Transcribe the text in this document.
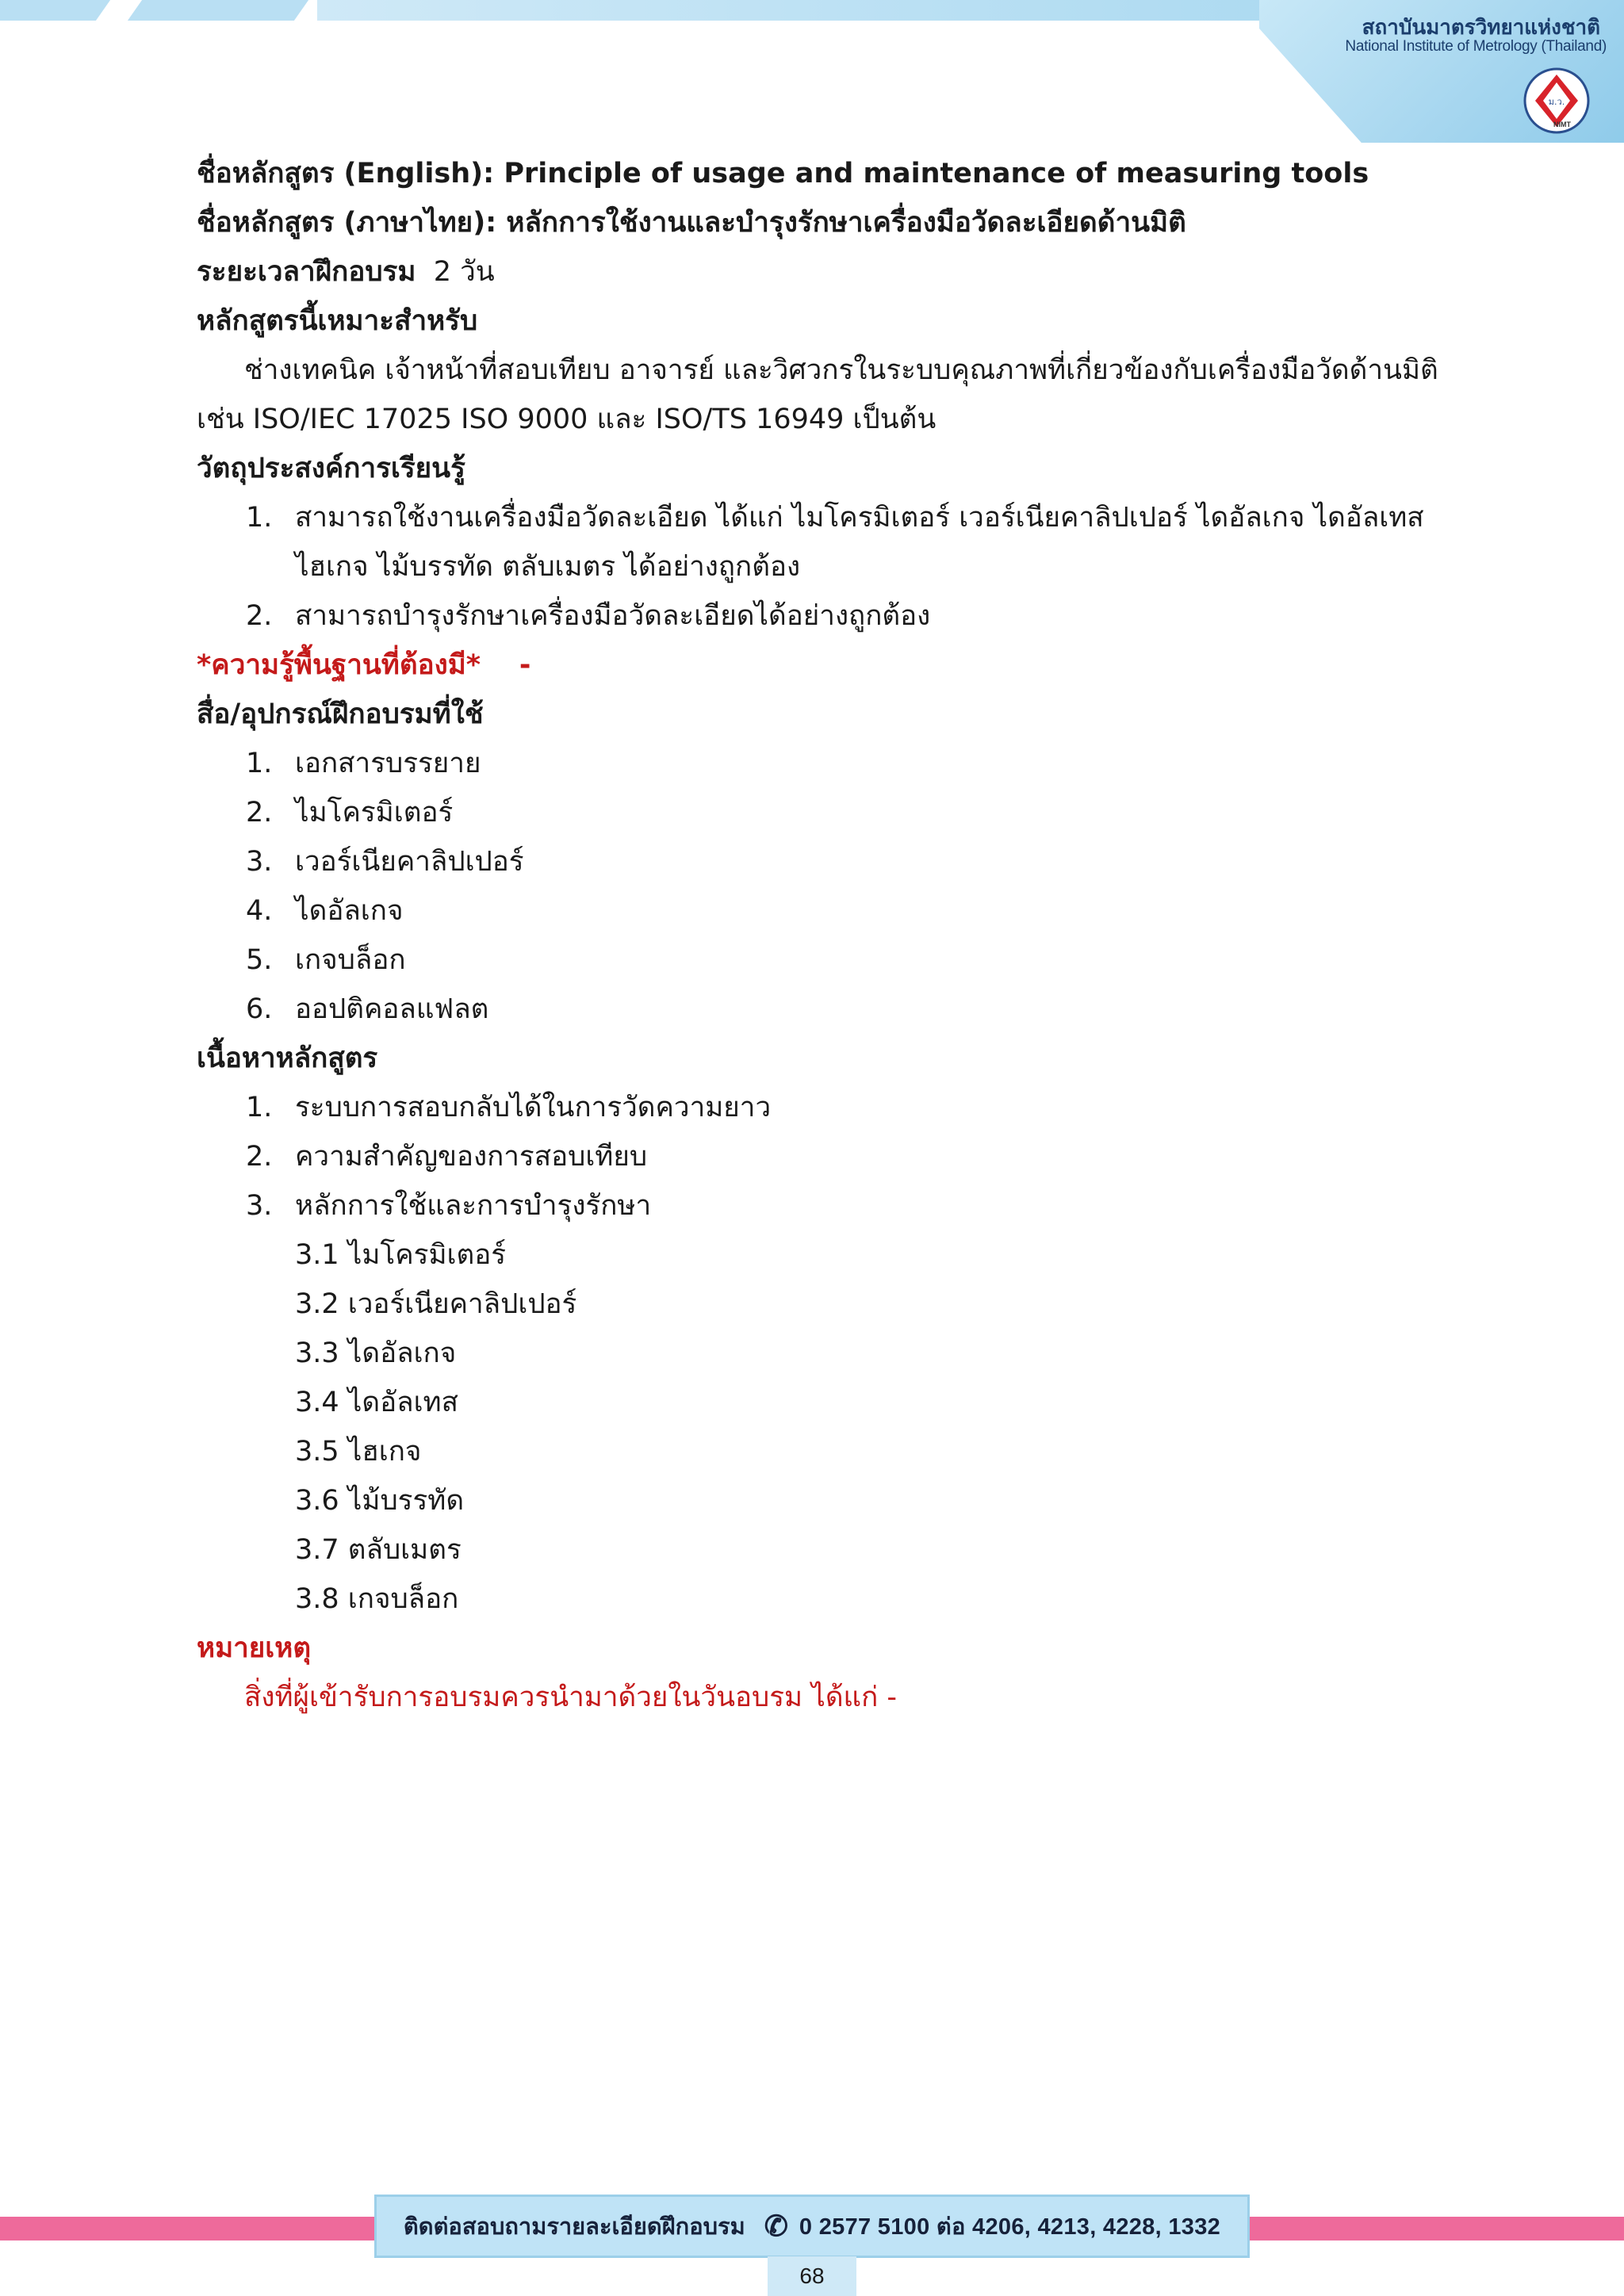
สถาบันมาตรวิทยาแห่งชาติ
National Institute of Metrology (Thailand)
ม.ว.
NIMT
ชื่อหลักสูตร (English): Principle of usage and maintenance of measuring tools
ชื่อหลักสูตร (ภาษาไทย): หลักการใช้งานและบำรุงรักษาเครื่องมือวัดละเอียดด้านมิติ
ระยะเวลาฝึกอบรม 2 วัน
หลักสูตรนี้เหมาะสำหรับ
ช่างเทคนิค เจ้าหน้าที่สอบเทียบ อาจารย์ และวิศวกรในระบบคุณภาพที่เกี่ยวข้องกับเครื่องมือวัดด้านมิติ
เช่น ISO/IEC 17025 ISO 9000 และ ISO/TS 16949 เป็นต้น
วัตถุประสงค์การเรียนรู้
1. สามารถใช้งานเครื่องมือวัดละเอียด ได้แก่ ไมโครมิเตอร์ เวอร์เนียคาลิปเปอร์ ไดอัลเกจ ไดอัลเทส
ไฮเกจ ไม้บรรทัด ตลับเมตร ได้อย่างถูกต้อง
2. สามารถบำรุงรักษาเครื่องมือวัดละเอียดได้อย่างถูกต้อง
*ความรู้พื้นฐานที่ต้องมี* -
สื่อ/อุปกรณ์ฝึกอบรมที่ใช้
1. เอกสารบรรยาย
2. ไมโครมิเตอร์
3. เวอร์เนียคาลิปเปอร์
4. ไดอัลเกจ
5. เกจบล็อก
6. ออปติคอลแฟลต
เนื้อหาหลักสูตร
1. ระบบการสอบกลับได้ในการวัดความยาว
2. ความสำคัญของการสอบเทียบ
3. หลักการใช้และการบำรุงรักษา
3.1 ไมโครมิเตอร์
3.2 เวอร์เนียคาลิปเปอร์
3.3 ไดอัลเกจ
3.4 ไดอัลเทส
3.5 ไฮเกจ
3.6 ไม้บรรทัด
3.7 ตลับเมตร
3.8 เกจบล็อก
หมายเหตุ
สิ่งที่ผู้เข้ารับการอบรมควรนำมาด้วยในวันอบรม ได้แก่ -
ติดต่อสอบถามรายละเอียดฝึกอบรม ✆ 0 2577 5100 ต่อ 4206, 4213, 4228, 1332
68
